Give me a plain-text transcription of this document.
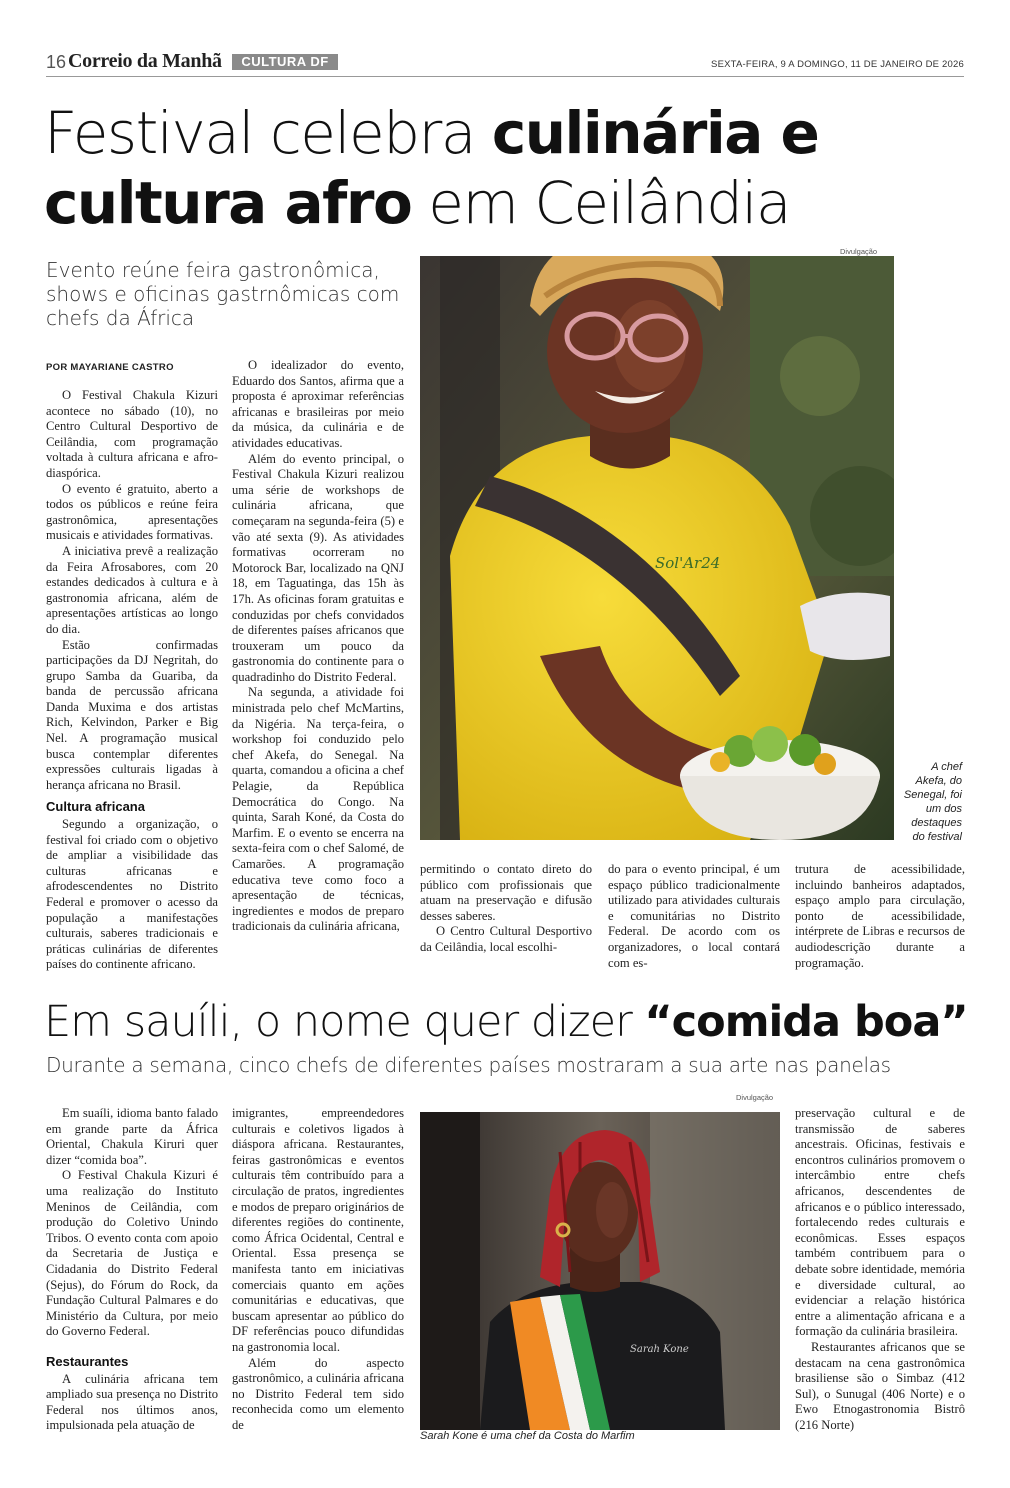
16 Correio da Manhã	CULTURA DF	SEXTA-FEIRA, 9 A DOMINGO, 11 DE JANEIRO DE 2026
Festival celebra culinária e
cultura afro em Ceilândia
Evento reúne feira gastronômica, shows e oficinas gastrnômicas com chefs da África
POR MAYARIANE CASTRO

O Festival Chakula Kizuri acontece no sábado (10), no Centro Cultural Desportivo de Ceilândia, com programação voltada à cultura africana e afro-diaspórica.

O evento é gratuito, aberto a todos os públicos e reúne feira gastronômica, apresentações musicais e atividades formativas.

A iniciativa prevê a realização da Feira Afrosabores, com 20 estandes dedicados à cultura e à gastronomia africana, além de apresentações artísticas ao longo do dia.

Estão confirmadas participações da DJ Negritah, do grupo Samba da Guariba, da banda de percussão africana Danda Muxima e dos artistas Rich, Kelvindon, Parker e Big Nel. A programação musical busca contemplar diferentes expressões culturais ligadas à herança africana no Brasil.

Cultura africana

Segundo a organização, o festival foi criado com o objetivo de ampliar a visibilidade das culturas africanas e afrodescendentes no Distrito Federal e promover o acesso da população a manifestações culturais, saberes tradicionais e práticas culinárias de diferentes países do continente africano.

O idealizador do evento, Eduardo dos Santos, afirma que a proposta é aproximar referências africanas e brasileiras por meio da música, da culinária e de atividades educativas.

Além do evento principal, o Festival Chakula Kizuri realizou uma série de workshops de culinária africana, que começaram na segunda-feira (5) e vão até sexta (9). As atividades formativas ocorreram no Motorock Bar, localizado na QNJ 18, em Taguatinga, das 15h às 17h. As oficinas foram gratuitas e conduzidas por chefs convidados de diferentes países africanos que trouxeram um pouco da gastronomia do continente para o quadradinho do Distrito Federal.

Na segunda, a atividade foi ministrada pelo chef McMartins, da Nigéria. Na terça-feira, o workshop foi conduzido pelo chef Akefa, do Senegal. Na quarta, comandou a oficina a chef Pelagie, da República Democrática do Congo. Na quinta, Sarah Koné, da Costa do Marfim. E o evento se encerra na sexta-feira com o chef Salomé, de Camarões. A programação educativa teve como foco a apresentação de técnicas, ingredientes e modos de preparo tradicionais da culinária africana,

permitindo o contato direto do público com profissionais que atuam na preservação e difusão desses saberes.

O Centro Cultural Desportivo da Ceilândia, local escolhi-

do para o evento principal, é um espaço público tradicionalmente utilizado para atividades culturais e comunitárias no Distrito Federal. De acordo com os organizadores, o local contará com es-

trutura de acessibilidade, incluindo banheiros adaptados, espaço amplo para circulação, ponto de acessibilidade, intérprete de Libras e recursos de audiodescrição durante a programação.

Divulgação
Sol'Ar24
A chef Akefa, do Senegal, foi um dos destaques do festival
Em sauíli, o nome quer dizer “comida boa”
Durante a semana, cinco chefs de diferentes países mostraram a sua arte nas panelas

Em suaíli, idioma banto falado em grande parte da África Oriental, Chakula Kiruri quer dizer “comida boa”.

O Festival Chakula Kizuri é uma realização do Instituto Meninos de Ceilândia, com produção do Coletivo Unindo Tribos. O evento conta com apoio da Secretaria de Justiça e Cidadania do Distrito Federal (Sejus), do Fórum do Rock, da Fundação Cultural Palmares e do Ministério da Cultura, por meio do Governo Federal.

Restaurantes

A culinária africana tem ampliado sua presença no Distrito Federal nos últimos anos, impulsionada pela atuação de

imigrantes, empreendedores culturais e coletivos ligados à diáspora africana. Restaurantes, feiras gastronômicas e eventos culturais têm contribuído para a circulação de pratos, ingredientes e modos de preparo originários de diferentes regiões do continente, como África Ocidental, Central e Oriental. Essa presença se manifesta tanto em iniciativas comerciais quanto em ações comunitárias e educativas, que buscam apresentar ao público do DF referências pouco difundidas na gastronomia local.

Além do aspecto gastronômico, a culinária africana no Distrito Federal tem sido reconhecida como um elemento de

preservação cultural e de transmissão de saberes ancestrais. Oficinas, festivais e encontros culinários promovem o intercâmbio entre chefs africanos, descendentes de africanos e o público interessado, fortalecendo redes culturais e econômicas. Esses espaços também contribuem para o debate sobre identidade, memória e diversidade cultural, ao evidenciar a relação histórica entre a alimentação africana e a formação da culinária brasileira.

Restaurantes africanos que se destacam na cena gastronômica brasiliense são o Simbaz (412 Sul), o Sunugal (406 Norte) e o Ewo Etnogastronomia Bistrô (216 Norte)

Divulgação
Sarah Kone
Sarah Kone é uma chef da Costa do Marfim
